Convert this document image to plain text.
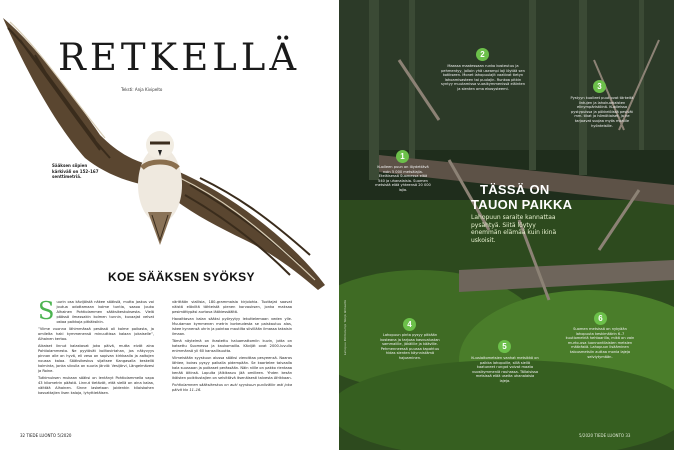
RETKELLÄ
Teksti: Anja Kivipelto
Sääksen siipien kärkiväli on 152–167 senttimetriä.
KOE SÄÄKSEN SYÖKSY

Suurin osa kävijöistä näkee sääksiä, mutta joskus voi joutua odottamaan kolme tuntia, saaoo Jouko Alhainen Pohtiolammen sääksikeskuksesta. Vielä päässä ilmassakin kolmen tunnin, kuvaajat velvat ostaa paikkoja pitkäksikin.

”Viime vuonna lähimmässä pesässä oli kolme poikasta, ja omilelta haki kymmenensä minuuttissa kalaan jokaiselle”, Alhainen kertoo.

Aikaiset linnut kalastavat joka päivä, mutta eivät aina Pohtiolammesta. Ne pyytävät koiltavirtahan, jos näkyvyys pinnan alle on hyvä, eli veso on sopivan kirkkaalla ja aaltojen noussa kalaa. Sääksikeskus sijaitsee Kangasalla keskellä kolminta, jonka siivulla on suuria järviä: Vesijärvi, Längelmävesi ja Roine.

Tutkimuksen mukaan sääksi on lentänyt Pohtiolammella vapa 43 kilometrin päästä. Linnut tietävät, että siellä on aina kalaa, väittää Alhainen. Sinne lasketaan joidenkin kiloiskohen kasvattajien lisen kaloja, lyhyttietäisen.

värittään viallisia, 180-grammaisia kirjolohia. Tuottajat saavat näistä eläviltä tähteistä pienen korvauksen, jonka maksaa pesimättypäsi aurtava lääkiessäältä.

Havaittavan kalan sääksi pyöryytyy lekuttelemaan veden ylle. Muutaman kymmenen metrin korkeudesta se paiskautuu alas, iskee kynnensä uhrin ja pointaa mautilta siivillään ilmassa takaisin ilmaan.

Tämä näytelmä on ihastettu haluamattomiin kuvin, jotta on katsettu Suomessa ja kaukomailla. Kävijät ovat 2000-luvulla enimmänsä yli 60 kansallisuutta.

Viimeistään syyskuun alussa sääksi vieroittaa pesyeensä. Naaras lähtee, koiras pysyy paikalla pidempään. Se kaartelee taivaalla kala suussaan ja poikaset perässään. Näin niille on pakko rientaaa kenää äitinsä. Lopulta jälkikasvu jää omilleen. Yhden kesän ikäisten poikitustajien on selvittävä itsenäisesti talvesta Afrikkaan.

Pohtiolammen sääksikeskus on auki syyskuun puoliväliin asti joka päivä klo 11–16.

32 TIEDE LUONTO 5/2020
Lahopuu Pohtiolampi Tekijä lähteeltä
1
Kuolleen puun on löydettävä noin 5 000 metsälajia. Eteläisessä Suomessa elää 540 ja uhanalaisia. Suomen metsistä elää yhteensä 20 000 lajia.
2
Maassa maatessaan runko kosteutuu ja pehmentyy, jolloin yhä useampi laji löytää sen kotikseen. Monet lahopuulajit vaativat tietyn lahoamisasteen tai puulajin. Runkoa pitkin syntyy muutamissa vuosikymmenissä eläinten ja sienten oma ekosysteemi.	3
Pystyyn kuolleet puut ovat tärkeitä lintujen ja lahokuoriaisten elinympäristöinä. Kuolleissa pystypuissa ja pökkelöissä pesivät mm. tikat ja hömötiaiset, ja ne tarjoavat suojaa myös monille hyönteisille.
TÄSSÄ ON
TAUON PAIKKA
Lahopuun saraite kannattaa pysähtyä. Siitä löytyy enemmän elämää kuin ikinä uskoisit.
4
Lahopuun pinta pysyy pitkään kosteana ja tarjoaa kasvualustan sammalille, jäkälille ja kääville. Pehmenneessä puussa tapahtuu hidas sienten käynnistämä hajoaminen.
5
Kuusiaitometsien vanhat metsikkö on paikka lahopuille, sillä siellä kaatuneet rungot voivat maata vuosikymmeniä rauhassa. Tällaisissa metsissä elää useita uhanalaisia lajeja.
6
Suomen metsissä on nykyään lahopuuta keskimäärin 6–7 kuutiometriä hehtaarilla, mikä on vain murto-osa luonnontilaisten metsien määrästä. Lahopuun lisääminen talousmetsiin auttaa monia lajeja selviytymään.
5/2020 TIEDE LUONTO 33
